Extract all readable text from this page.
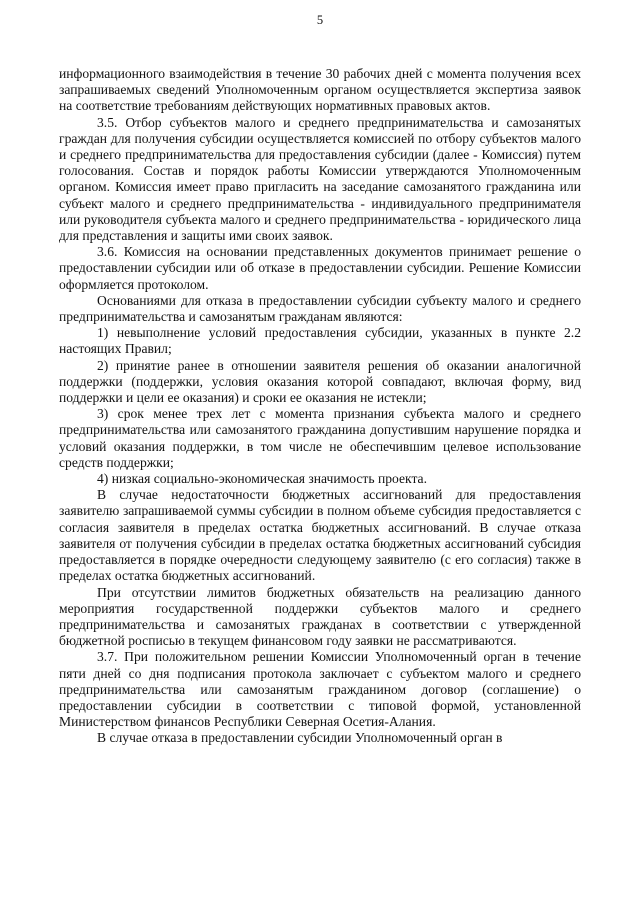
5

информационного взаимодействия в течение 30 рабочих дней с момента получения всех запрашиваемых сведений Уполномоченным органом осуществляется экспертиза заявок на соответствие требованиям действующих нормативных правовых актов.

3.5. Отбор субъектов малого и среднего предпринимательства и самозанятых граждан для получения субсидии осуществляется комиссией по отбору субъектов малого и среднего предпринимательства для предоставления субсидии (далее - Комиссия) путем голосования. Состав и порядок работы Комиссии утверждаются Уполномоченным органом. Комиссия имеет право пригласить на заседание самозанятого гражданина или субъект малого и среднего предпринимательства - индивидуального предпринимателя или руководителя субъекта малого и среднего предпринимательства - юридического лица для представления и защиты ими своих заявок.

3.6. Комиссия на основании представленных документов принимает решение о предоставлении субсидии или об отказе в предоставлении субсидии. Решение Комиссии оформляется протоколом.

Основаниями для отказа в предоставлении субсидии субъекту малого и среднего предпринимательства и самозанятым гражданам являются:

1) невыполнение условий предоставления субсидии, указанных в пункте 2.2 настоящих Правил;

2) принятие ранее в отношении заявителя решения об оказании аналогичной поддержки (поддержки, условия оказания которой совпадают, включая форму, вид поддержки и цели ее оказания) и сроки ее оказания не истекли;

3) срок менее трех лет с момента признания субъекта малого и среднего предпринимательства или самозанятого гражданина допустившим нарушение порядка и условий оказания поддержки, в том числе не обеспечившим целевое использование средств поддержки;

4) низкая социально-экономическая значимость проекта.

В случае недостаточности бюджетных ассигнований для предоставления заявителю запрашиваемой суммы субсидии в полном объеме субсидия предоставляется с согласия заявителя в пределах остатка бюджетных ассигнований. В случае отказа заявителя от получения субсидии в пределах остатка бюджетных ассигнований субсидия предоставляется в порядке очередности следующему заявителю (с его согласия) также в пределах остатка бюджетных ассигнований.

При отсутствии лимитов бюджетных обязательств на реализацию данного мероприятия государственной поддержки субъектов малого и среднего предпринимательства и самозанятых гражданах в соответствии с утвержденной бюджетной росписью в текущем финансовом году заявки не рассматриваются.

3.7. При положительном решении Комиссии Уполномоченный орган в течение пяти дней со дня подписания протокола заключает с субъектом малого и среднего предпринимательства или самозанятым гражданином договор (соглашение) о предоставлении субсидии в соответствии с типовой формой, установленной Министерством финансов Республики Северная Осетия-Алания.

В случае отказа в предоставлении субсидии Уполномоченный орган в
